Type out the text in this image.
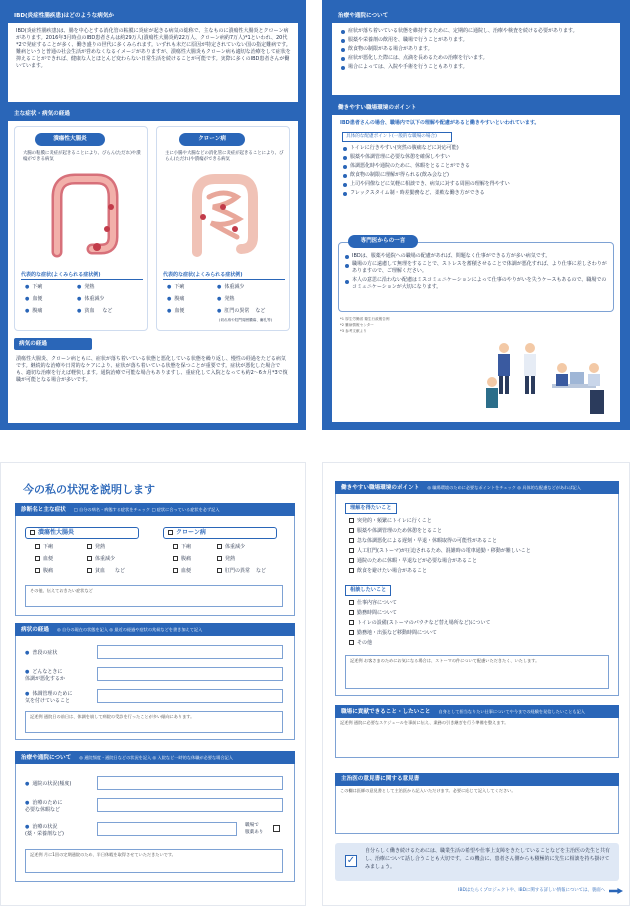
IBD(炎症性腸疾患)はどのような病気か
IBD(炎症性腸疾患)は、腸を中心とする消化管の粘膜に炎症が起きる病気の総称で、主なものに潰瘍性大腸炎とクローン病があります。2016年3月時点のIBD患者さんは約29万人(潰瘍性大腸炎約22万人、クローン病約7万人)*1といわれ、20代*2で発症することが多く、働き盛りの世代に多くみられます。いずれも未だに原因が特定されていない国の指定難病です。難病というと普通の社会生活が営めなくなるイメージがありますが、潰瘍性大腸炎もクローン病も適切な治療をして症状を抑えることができれば、健康な人とほとんど変わらない日常生活を続けることが可能です。実際に多くのIBD患者さんが働いています。
主な症状・病気の経過
潰瘍性大腸炎
大腸の粘膜に炎症が起きることにより、びらん(ただれ)や潰瘍ができる病気
代表的な症状(よくみられる症状例)
● 下痢 ●	発熱
● 血便 ●	体重減少
● 腹痛 ●	貧血 など
クローン病
主に小腸や大腸などの消化管に炎症が起きることにより、びらん(ただれ)や潰瘍ができる病気
代表的な症状(よくみられる症状例)
● 下痢 ●	体重減少
● 腹痛 ●	発熱
● 血便 ●	肛門の異常 など
(切れ痔や肛門周囲膿瘍、瘻孔等)
病気の経過
潰瘍性大腸炎、クローン病ともに、症状が落ち着いている状態と悪化している状態を繰り返し、慢性の経過をたどる病気です。継続的な治療や日常的なケアにより、症状が落ち着いている状態を保つことが重要です。症状が悪化した場合でも、適切な治療を行えば軽快します。通院治療で可能な場合もありますし、重症化して入院となっても約2〜6カ月*3で復職が可能となる場合が多いです。
治療や通院について
症状が落ち着いている状態を維持するために、定期的に通院し、治療や検査を続ける必要があります。
服薬や栄養剤の飲用を、職場で行うことがあります。
飲食物の制限がある場合があります。
症状が悪化した際には、点滴を長めるための治療を行います。
場合によっては、入院や手術を行うこともあります。
働きやすい職場環境のポイント
IBD患者さんの場合、職場内で以下の理解や配慮があると働きやすいといわれています。
具体的な配慮ポイント(一般的な職場の場合)
トイレに行きやすい(突然の腹痛などに対応可能)
服薬や体調管理に必要な休憩を確保しやすい
体調悪化時や通院のために、休暇をとることができる
飲食物の制限に理解が得られる(飲み会など)
上司や同僚などに気軽に相談でき、病気に対する周囲の理解を得やすい
フレックスタイム制・時差勤務など、柔軟な働き方ができる
専門医からの一言
IBDは、服薬や通院への職場の配慮があれば、問題なく仕事ができる方が多い病気です。
職場の方に遠慮して無理をすることで、ストレスを蓄積させることで体調が悪化すれば、より仕事に差しさわりがありますので、ご理解ください。
本人の意思に沿わない配慮はミスコミュニケーションによって仕事のやりがいを失うケースもあるので、職場でのコミュニケーションが大切になります。
*1 厚生労働省 衛生行政報告例
*2 難病情報センター
*3 参考文献より
今の私の状況を説明します
診断名と主な症状 □ 自分の病名・病態する症状をチェック □ 症状に合っている症状を必ず記入
潰瘍性大腸炎	クローン病
下痢	発熱
血便	体重減少
腹痛	貧血 など
下痢	体重減少
腹痛	発熱
血便	肛門の異常 など
その他、伝えておきたい症状など
病状の経過 ◎ 自分の現在の状態を記入 ◎ 最近の経過や症状の兆候などを書き加えて記入
● 普段の症状
● どんなときに
体調が悪化するか
● 体調管理のために
気を付けていること
記述例 通院日の前日は、体調を崩して病院の受診を行ったことが多い傾向にあります。
治療や通院について ◎ 通院頻度・通院日などの状況を記入 ◎ 入院など一時的な休職が必要な場合記入
● 通院の状況(頻度)
● 治療のために
必要な休暇など
● 治療の状況
(薬・栄養剤など)
職場で
服薬あり
記述例 月に1回の定期通院のため、半日休暇を取得させていただきたいです。
働きやすい職場環境のポイント ◎ 職場環境のために必要なポイントをチェック ◎ 具体的な配慮などがあれば記入
理解を得たいこと
突発的・頻繁にトイレに行くこと
服薬や体調管理のため休憩をとること
急な体調悪化による遅刻・早退・休暇取得の可能性があること
人工肛門(ストーマ)が圧迫されるため、混雑時の電車通勤・移動が難しいこと
通院のために休暇・早退などが必要な場合があること
飲食を避けたい場合があること
相談したいこと
仕事内容について
勤務時間について
トイレの設備(ストーマのパウチなど替え場所など)について
勤務地・出張など移動時間について
その他
記述例 お客さまのためにお気になる場合は、ストーマの件について配慮いただきたく、いたします。
職場に貢献できること・したいこと 自身として担当なりたい仕事についてや今までの経験を発信したいことも記入
記述例 通院に必要なスケジュールを事前に伝え、業務の引き継ぎを行う準備を整えます。
主治医の意見書に関する意見書
この欄は医師の意見書として主治医から記入いただけます。必要に応じて記入してください。
✓
自分らしく働き続けるためには、職業生活の希望や仕事上支障をきたしていることなどを主治医の先生と共有し、治療について話し合うことも大切です。この機会に、患者さん側からも積極的に先生に相談を持ち掛けてみましょう。
IBDはたらくプロジェクトや、IBDに関する詳しい情報については、裏面へ
